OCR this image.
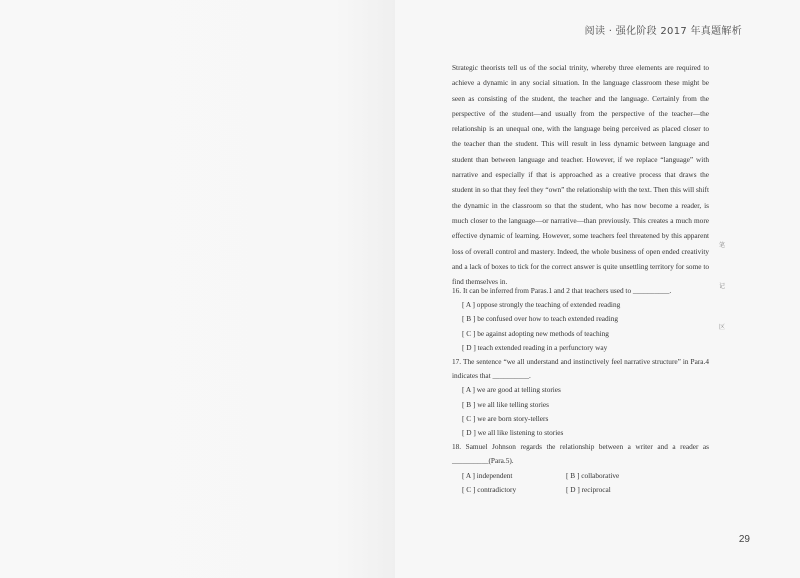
阅读 · 强化阶段 2017 年真题解析

Strategic theorists tell us of the social trinity, whereby three elements are required to achieve a dynamic in any social situation. In the language classroom these might be seen as consisting of the student, the teacher and the language. Certainly from the perspective of the student—and usually from the perspective of the teacher—the relationship is an unequal one, with the language being perceived as placed closer to the teacher than the student. This will result in less dynamic between language and student than between language and teacher. However, if we replace “language” with narrative and especially if that is approached as a creative process that draws the student in so that they feel they “own” the relationship with the text. Then this will shift the dynamic in the classroom so that the student, who has now become a reader, is much closer to the language—or narrative—than previously. This creates a much more effective dynamic of learning. However, some teachers feel threatened by this apparent loss of overall control and mastery. Indeed, the whole business of open ended creativity and a lack of boxes to tick for the correct answer is quite unsettling territory for some to find themselves in.

16. It can be inferred from Paras.1 and 2 that teachers used to __________.

[ A ] oppose strongly the teaching of extended reading

[ B ] be confused over how to teach extended reading

[ C ] be against adopting new methods of teaching

[ D ] teach extended reading in a perfunctory way

17. The sentence “we all understand and instinctively feel narrative structure” in Para.4 indicates that __________.

[ A ] we are good at telling stories

[ B ] we all like telling stories

[ C ] we are born story-tellers

[ D ] we all like listening to stories

18. Samuel Johnson regards the relationship between a writer and a reader as __________(Para.5).

[ A ] independent	[ B ] collaborative

[ C ] contradictory	[ D ] reciprocal

笔
记
区
29
